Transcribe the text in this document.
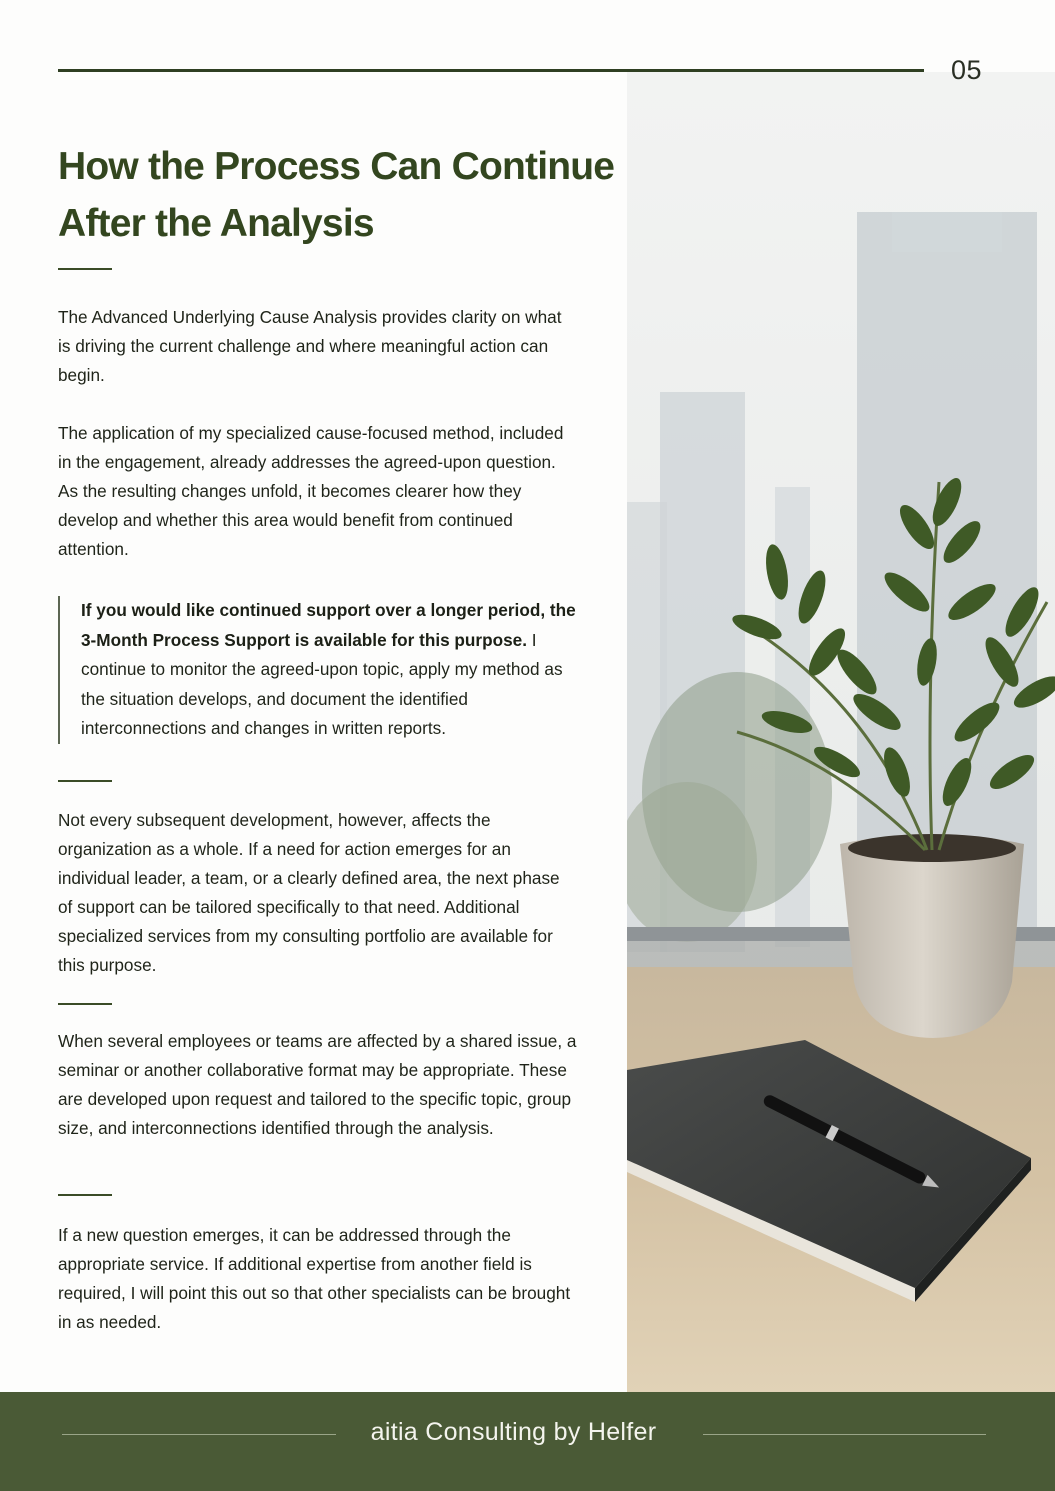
05
How the Process Can Continue
After the Analysis

The Advanced Underlying Cause Analysis provides clarity on what is driving the current challenge and where meaningful action can begin.

The application of my specialized cause-focused method, included in the engagement, already addresses the agreed-upon question. As the resulting changes unfold, it becomes clearer how they develop and whether this area would benefit from continued attention.

If you would like continued support over a longer period, the 3-Month Process Support is available for this purpose. I continue to monitor the agreed-upon topic, apply my method as the situation develops, and document the identified interconnections and changes in written reports.

Not every subsequent development, however, affects the organization as a whole. If a need for action emerges for an individual leader, a team, or a clearly defined area, the next phase of support can be tailored specifically to that need. Additional specialized services from my consulting portfolio are available for this purpose.

When several employees or teams are affected by a shared issue, a seminar or another collaborative format may be appropriate. These are developed upon request and tailored to the specific topic, group size, and interconnections identified through the analysis.

If a new question emerges, it can be addressed through the appropriate service. If additional expertise from another field is required, I will point this out so that other specialists can be brought in as needed.

aitia Consulting by Helfer
